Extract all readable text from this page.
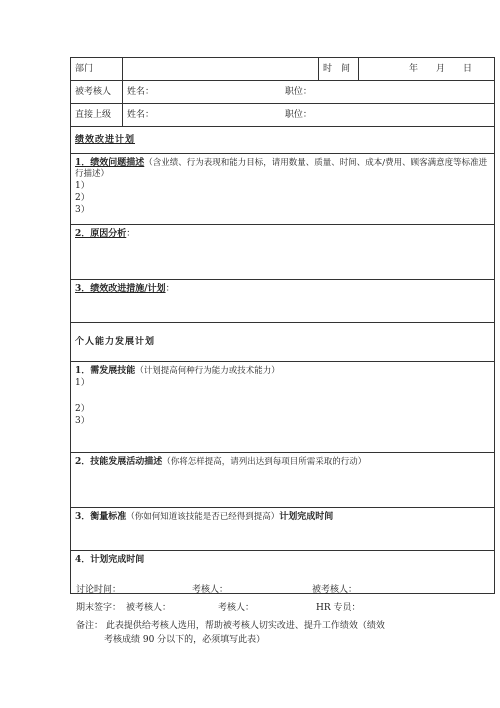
部门		时　间	年　　月　　日
被考核人	姓名： 职位：		
直接上级	姓名： 职位：		
绩效改进计划			
1．绩效问题描述（含业绩、行为表现和能力目标，请用数量、质量、时间、成本/费用、顾客满意度等标准进行描述）
1）
2）
3）			

2．原因分析：			
3．绩效改进措施/计划：			
个人能力发展计划			
1．需发展技能（计划提高何种行为能力或技术能力）
1）
2）
3）			

2．技能发展活动描述（你将怎样提高，请列出达到每项目所需采取的行动）			
3．衡量标准（你如何知道该技能是否已经得到提高）计划完成时间			
4．计划完成时间			
讨论时间：	考核人：	被考核人：
期末签字： 被考核人：	考核人：	HR 专员：
备注： 此表提供给考核人选用，帮助被考核人切实改进、提升工作绩效（绩效
考核成绩 90 分以下的，必须填写此表）
